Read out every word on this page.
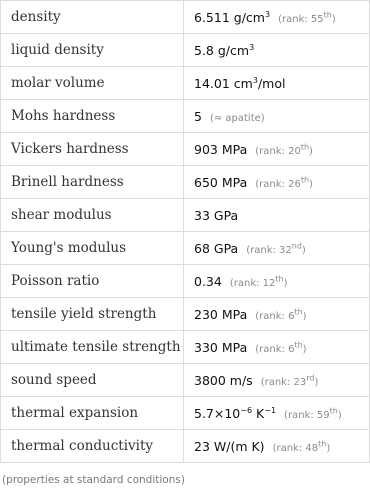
density	6.511 $g/cm^3$ (rank: 55th)
liquid density	5.8 $g/cm^3$
molar volume	14.01 $cm^3$/mol
Mohs hardness	5 (≈ apatite)
Vickers hardness	903 MPa (rank: 20th)
Brinell hardness	650 MPa (rank: 26th)
shear modulus	33 GPa
Young's modulus	68 GPa (rank: 32nd)
Poisson ratio	0.34 (rank: 12th)
tensile yield strength	230 MPa (rank: 6th)
ultimate tensile strength	330 MPa (rank: 6th)
sound speed	3800 m/s (rank: 23rd)
thermal expansion	$5.7\times 10^{-6}$ $K^{-1}$ (rank: 59th)
thermal conductivity	23 W/(m K) (rank: 48th)
(properties at standard conditions)
